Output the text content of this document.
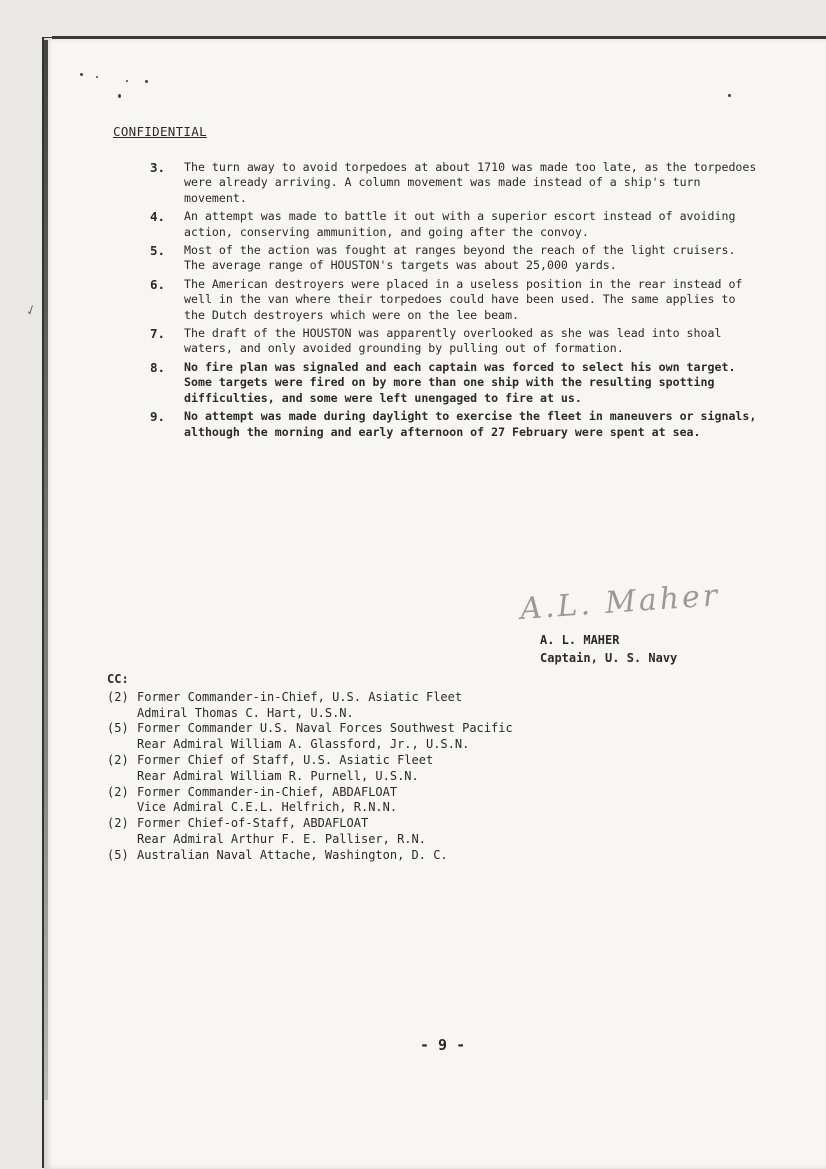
✓
CONFIDENTIAL
3.	The turn away to avoid torpedoes at about 1710 was made too late, as the torpedoes were already arriving. A column movement was made instead of a ship's turn movement.
4.	An attempt was made to battle it out with a superior escort instead of avoiding action, conserving ammunition, and going after the convoy.
5.	Most of the action was fought at ranges beyond the reach of the light cruisers. The average range of HOUSTON's targets was about 25,000 yards.
6.	The American destroyers were placed in a useless position in the rear instead of well in the van where their torpedoes could have been used. The same applies to the Dutch destroyers which were on the lee beam.
7.	The draft of the HOUSTON was apparently overlooked as she was lead into shoal waters, and only avoided grounding by pulling out of formation.
8.	No fire plan was signaled and each captain was forced to select his own target. Some targets were fired on by more than one ship with the resulting spotting difficulties, and some were left unengaged to fire at us.
9.	No attempt was made during daylight to exercise the fleet in maneuvers or signals, although the morning and early afternoon of 27 February were spent at sea.
A.L. Maher
A. L. MAHER
Captain, U. S. Navy
CC:
(2) Former Commander-in-Chief, U.S. Asiatic Fleet
Admiral Thomas C. Hart, U.S.N.
(5) Former Commander U.S. Naval Forces Southwest Pacific
Rear Admiral William A. Glassford, Jr., U.S.N.
(2) Former Chief of Staff, U.S. Asiatic Fleet
Rear Admiral William R. Purnell, U.S.N.
(2) Former Commander-in-Chief, ABDAFLOAT
Vice Admiral C.E.L. Helfrich, R.N.N.
(2) Former Chief-of-Staff, ABDAFLOAT
Rear Admiral Arthur F. E. Palliser, R.N.
(5) Australian Naval Attache, Washington, D. C.
- 9 -
